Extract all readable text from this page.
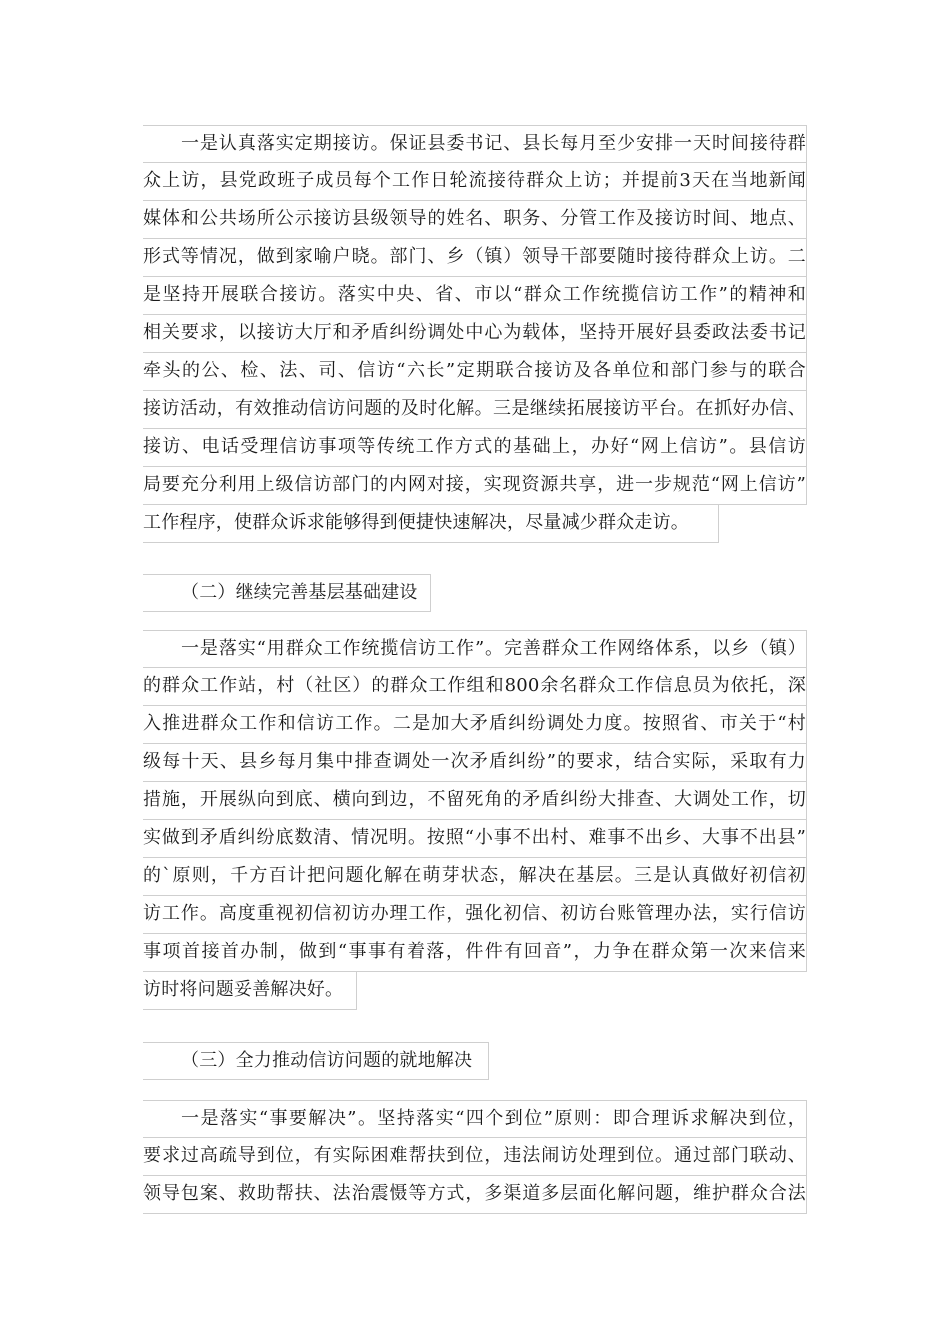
一是认真落实定期接访。保证县委书记、县长每月至少安排一天时间接待群
众上访，县党政班子成员每个工作日轮流接待群众上访；并提前3天在当地新闻
媒体和公共场所公示接访县级领导的姓名、职务、分管工作及接访时间、地点、
形式等情况，做到家喻户晓。部门、乡（镇）领导干部要随时接待群众上访。二
是坚持开展联合接访。落实中央、省、市以“群众工作统揽信访工作”的精神和
相关要求，以接访大厅和矛盾纠纷调处中心为载体，坚持开展好县委政法委书记
牵头的公、检、法、司、信访“六长”定期联合接访及各单位和部门参与的联合
接访活动，有效推动信访问题的及时化解。三是继续拓展接访平台。在抓好办信、
接访、电话受理信访事项等传统工作方式的基础上，办好“网上信访”。县信访
局要充分利用上级信访部门的内网对接，实现资源共享，进一步规范“网上信访”
工作程序，使群众诉求能够得到便捷快速解决，尽量减少群众走访。
（二）继续完善基层基础建设
一是落实“用群众工作统揽信访工作”。完善群众工作网络体系，以乡（镇）
的群众工作站，村（社区）的群众工作组和800余名群众工作信息员为依托，深
入推进群众工作和信访工作。二是加大矛盾纠纷调处力度。按照省、市关于“村
级每十天、县乡每月集中排查调处一次矛盾纠纷”的要求，结合实际，采取有力
措施，开展纵向到底、横向到边，不留死角的矛盾纠纷大排查、大调处工作，切
实做到矛盾纠纷底数清、情况明。按照“小事不出村、难事不出乡、大事不出县”
的`原则，千方百计把问题化解在萌芽状态，解决在基层。三是认真做好初信初
访工作。高度重视初信初访办理工作，强化初信、初访台账管理办法，实行信访
事项首接首办制，做到“事事有着落，件件有回音”，力争在群众第一次来信来
访时将问题妥善解决好。
（三）全力推动信访问题的就地解决
一是落实“事要解决”。坚持落实“四个到位”原则：即合理诉求解决到位，
要求过高疏导到位，有实际困难帮扶到位，违法闹访处理到位。通过部门联动、
领导包案、救助帮扶、法治震慑等方式，多渠道多层面化解问题，维护群众合法
